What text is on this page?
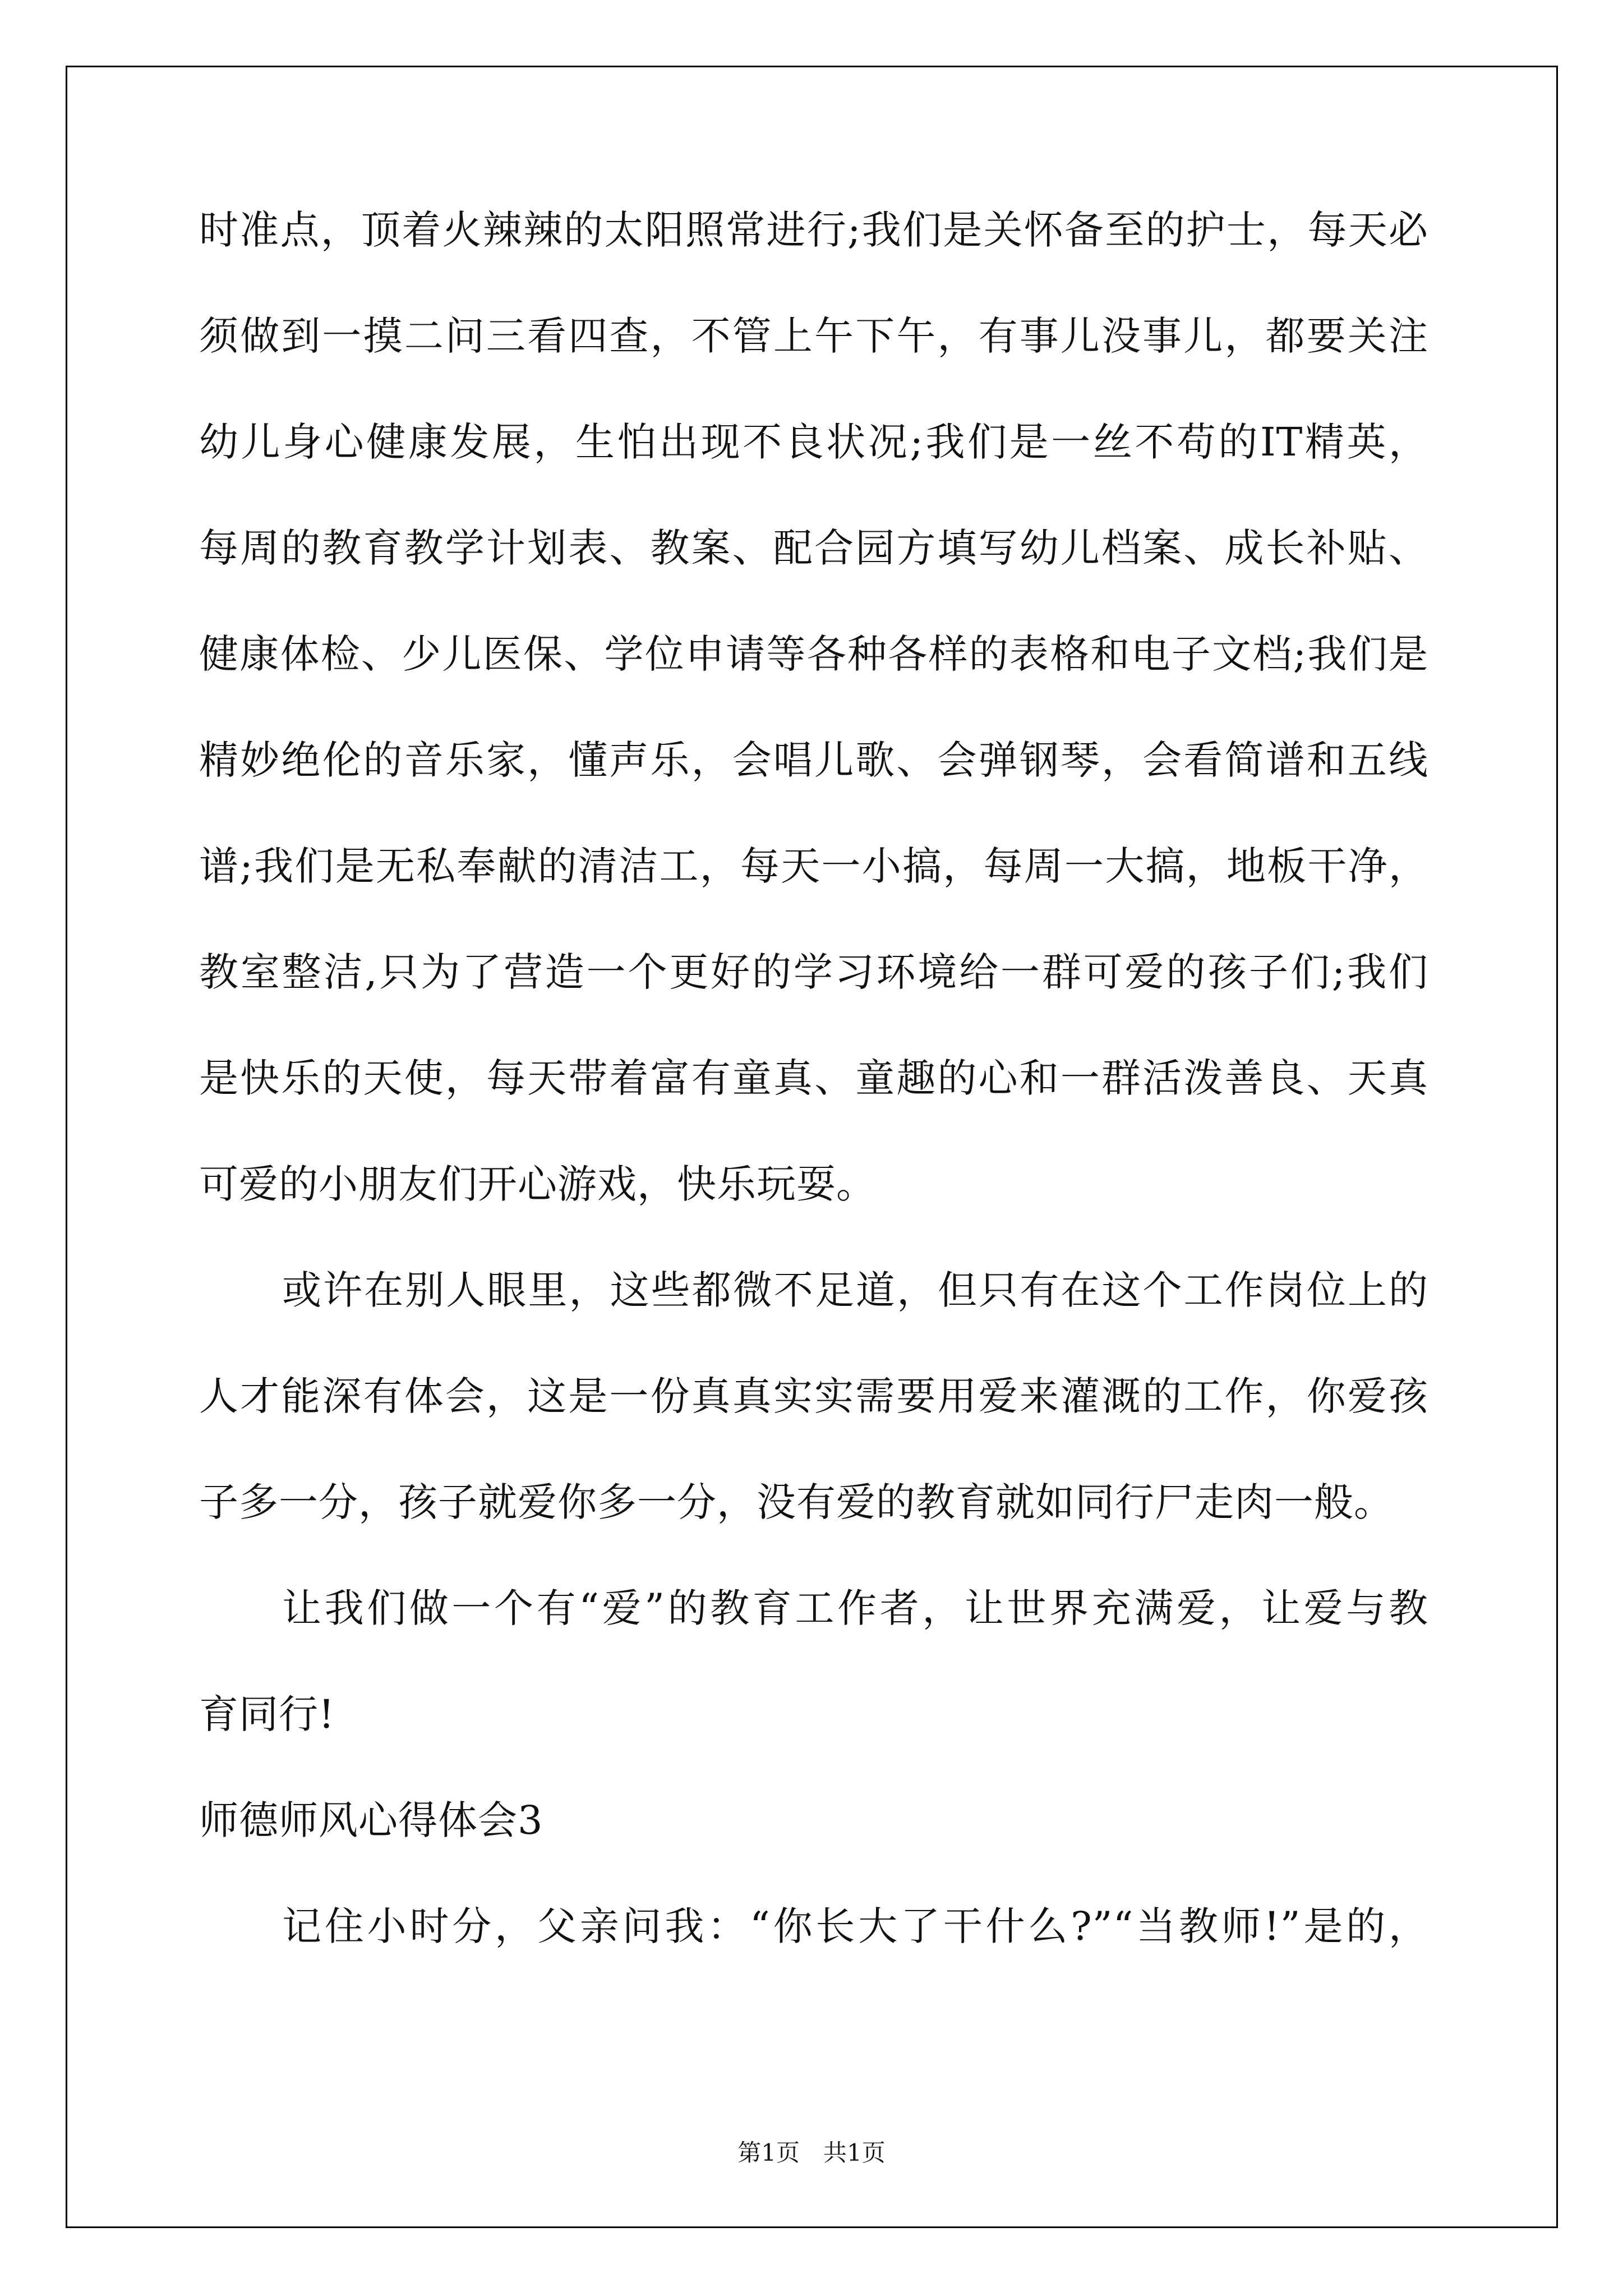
时准点，顶着火辣辣的太阳照常进行;我们是关怀备至的护士，每天必
须做到一摸二问三看四查，不管上午下午，有事儿没事儿，都要关注
幼儿身心健康发展，生怕出现不良状况;我们是一丝不苟的IT精英，
每周的教育教学计划表、教案、配合园方填写幼儿档案、成长补贴、
健康体检、少儿医保、学位申请等各种各样的表格和电子文档;我们是
精妙绝伦的音乐家，懂声乐，会唱儿歌、会弹钢琴，会看简谱和五线
谱;我们是无私奉献的清洁工，每天一小搞，每周一大搞，地板干净，
教室整洁,只为了营造一个更好的学习环境给一群可爱的孩子们;我们
是快乐的天使，每天带着富有童真、童趣的心和一群活泼善良、天真
可爱的小朋友们开心游戏，快乐玩耍。
或许在别人眼里，这些都微不足道，但只有在这个工作岗位上的
人才能深有体会，这是一份真真实实需要用爱来灌溉的工作，你爱孩
子多一分，孩子就爱你多一分，没有爱的教育就如同行尸走肉一般。
让我们做一个有“爱”的教育工作者，让世界充满爱，让爱与教
育同行!
师德师风心得体会3
记住小时分，父亲问我：“你长大了干什么?”“当教师!”是的，
第1页　共1页
